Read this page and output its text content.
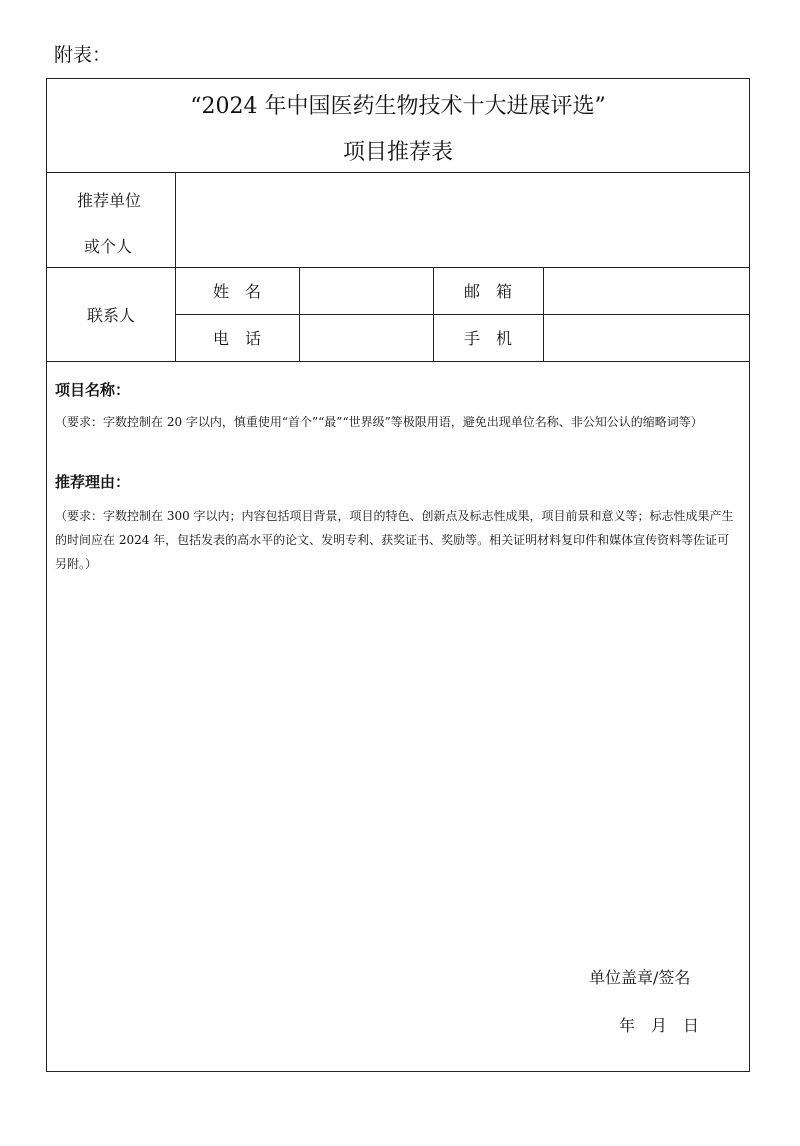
附表：
“2024 年中国医药生物技术十大进展评选”
项目推荐表
推荐单位
或个人
联系人
姓　名	邮　箱
电　话	手　机
项目名称：
（要求：字数控制在 20 字以内，慎重使用“首个”“最”“世界级”等极限用语，避免出现单位名称、非公知公认的缩略词等）
推荐理由：
（要求：字数控制在 300 字以内；内容包括项目背景，项目的特色、创新点及标志性成果，项目前景和意义等；标志性成果产生的时间应在 2024 年，包括发表的高水平的论文、发明专利、获奖证书、奖励等。相关证明材料复印件和媒体宣传资料等佐证可另附。）
单位盖章/签名
年　月　日
